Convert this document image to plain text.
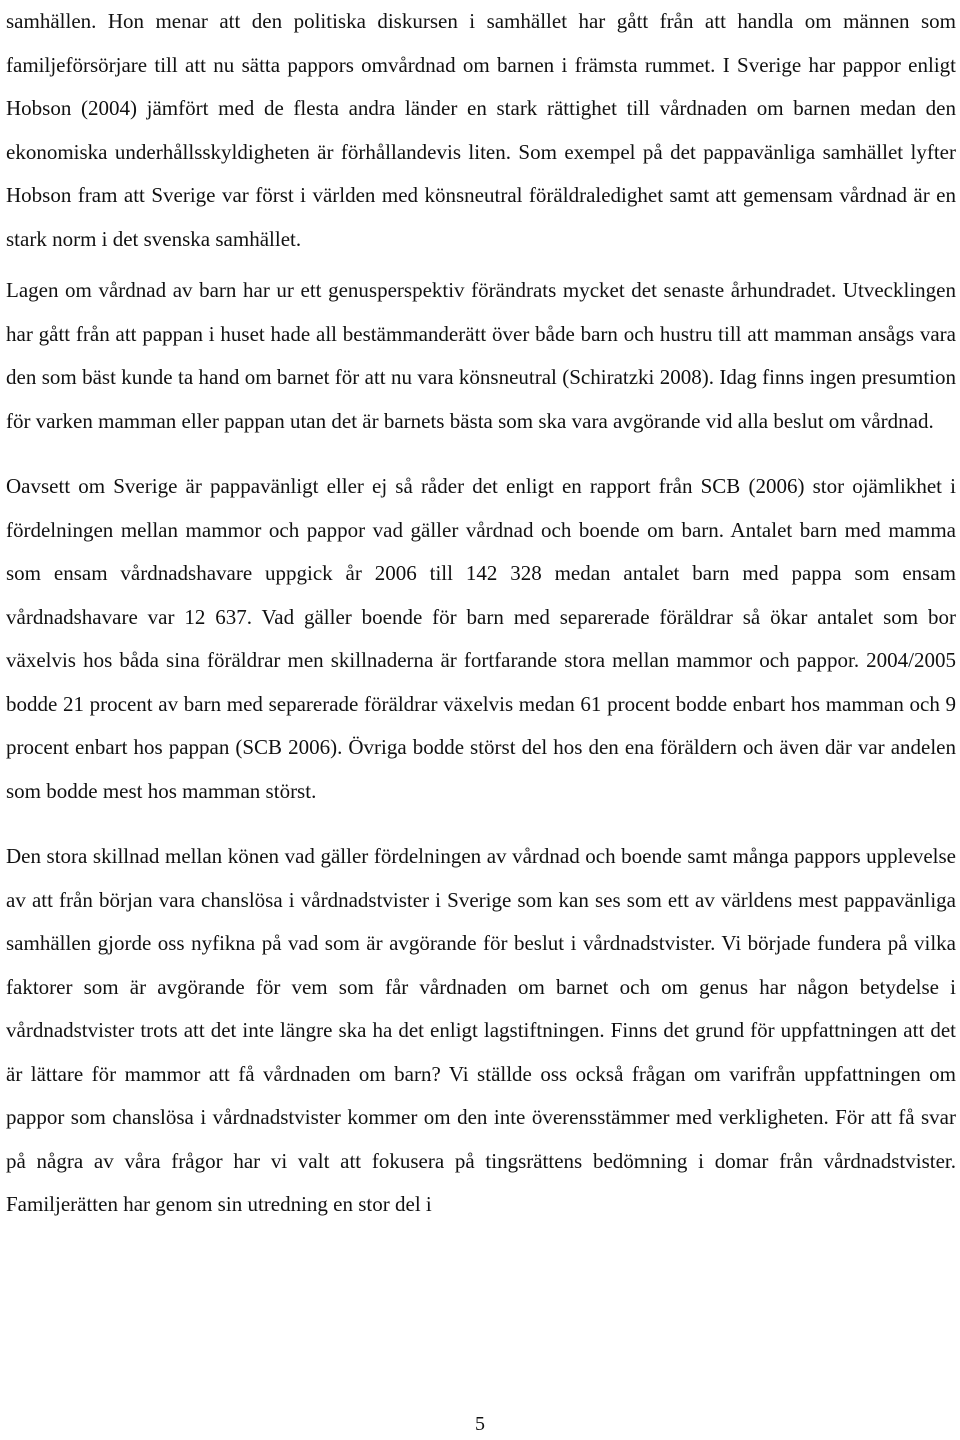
samhällen. Hon menar att den politiska diskursen i samhället har gått från att handla om männen som familjeförsörjare till att nu sätta pappors omvårdnad om barnen i främsta rummet. I Sverige har pappor enligt Hobson (2004) jämfört med de flesta andra länder en stark rättighet till vårdnaden om barnen medan den ekonomiska underhållsskyldigheten är förhållandevis liten. Som exempel på det pappavänliga samhället lyfter Hobson fram att Sverige var först i världen med könsneutral föräldraledighet samt att gemensam vårdnad är en stark norm i det svenska samhället.

Lagen om vårdnad av barn har ur ett genusperspektiv förändrats mycket det senaste århundradet. Utvecklingen har gått från att pappan i huset hade all bestämmanderätt över både barn och hustru till att mamman ansågs vara den som bäst kunde ta hand om barnet för att nu vara könsneutral (Schiratzki 2008). Idag finns ingen presumtion för varken mamman eller pappan utan det är barnets bästa som ska vara avgörande vid alla beslut om vårdnad.

Oavsett om Sverige är pappavänligt eller ej så råder det enligt en rapport från SCB (2006) stor ojämlikhet i fördelningen mellan mammor och pappor vad gäller vårdnad och boende om barn. Antalet barn med mamma som ensam vårdnadshavare uppgick år 2006 till 142 328 medan antalet barn med pappa som ensam vårdnadshavare var 12 637. Vad gäller boende för barn med separerade föräldrar så ökar antalet som bor växelvis hos båda sina föräldrar men skillnaderna är fortfarande stora mellan mammor och pappor. 2004/2005 bodde 21 procent av barn med separerade föräldrar växelvis medan 61 procent bodde enbart hos mamman och 9 procent enbart hos pappan (SCB 2006). Övriga bodde störst del hos den ena föräldern och även där var andelen som bodde mest hos mamman störst.

Den stora skillnad mellan könen vad gäller fördelningen av vårdnad och boende samt många pappors upplevelse av att från början vara chanslösa i vårdnadstvister i Sverige som kan ses som ett av världens mest pappavänliga samhällen gjorde oss nyfikna på vad som är avgörande för beslut i vårdnadstvister. Vi började fundera på vilka faktorer som är avgörande för vem som får vårdnaden om barnet och om genus har någon betydelse i vårdnadstvister trots att det inte längre ska ha det enligt lagstiftningen. Finns det grund för uppfattningen att det är lättare för mammor att få vårdnaden om barn? Vi ställde oss också frågan om varifrån uppfattningen om pappor som chanslösa i vårdnadstvister kommer om den inte överensstämmer med verkligheten. För att få svar på några av våra frågor har vi valt att fokusera på tingsrättens bedömning i domar från vårdnadstvister. Familjerätten har genom sin utredning en stor del i

5
